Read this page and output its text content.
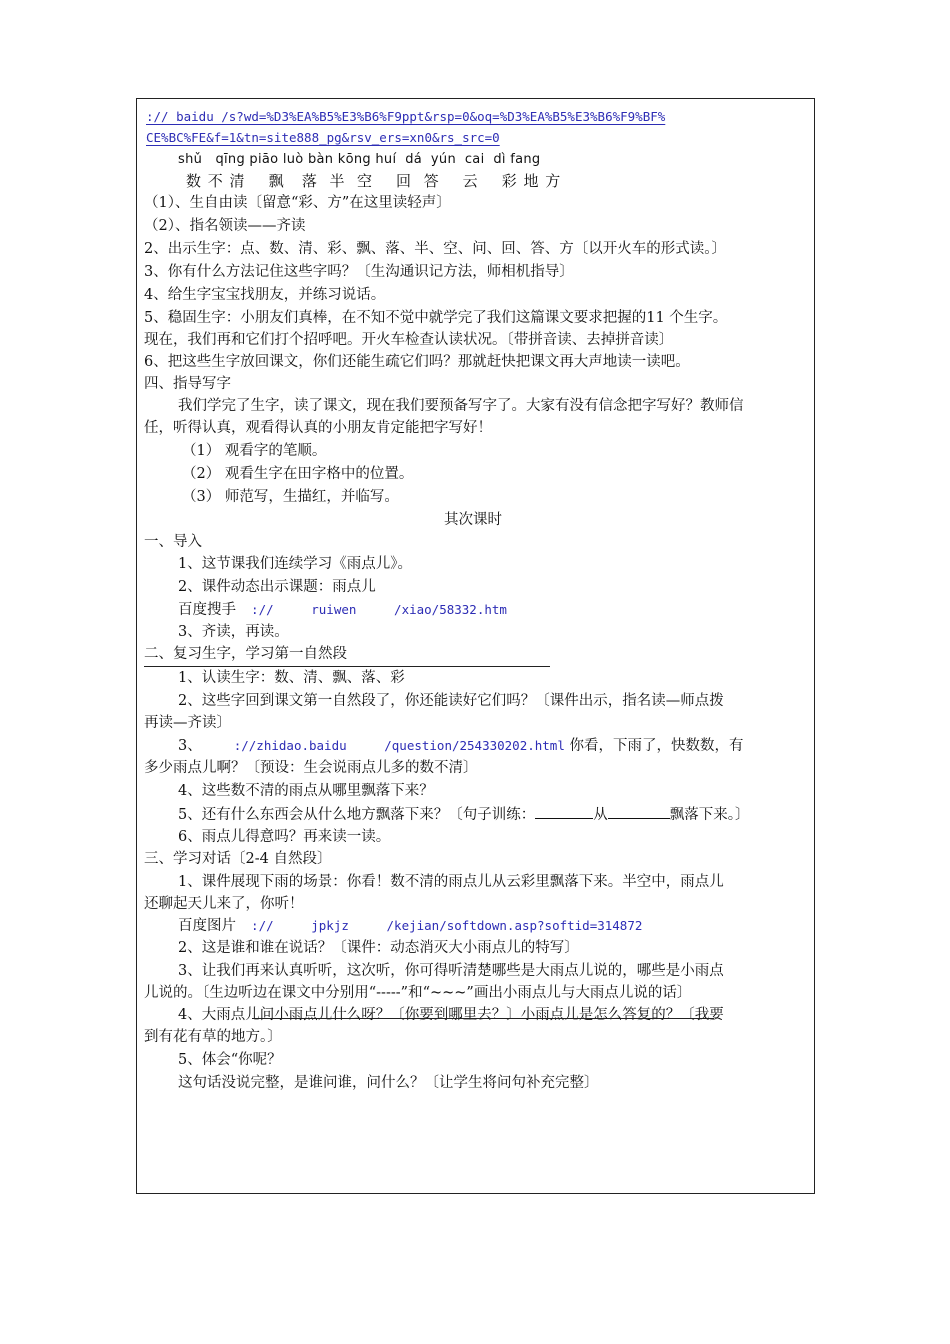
:// baidu /s?wd=%D3%EA%B5%E3%B6%F9ppt&rsp=0&oq=%D3%EA%B5%E3%B6%F9%BF%
CE%BC%FE&f=1&tn=site888_pg&rsv_ers=xn0&rs_src=0
shǔ   qīng piāo luò bàn kōng huí  dá  yún  cai  dì fang
数 不 清    飘   落  半  空    回  答    云    彩 地 方
（1）、生自由读〔留意“彩、方”在这里读轻声〕
（2）、指名领读——齐读
2、出示生字：点、数、清、彩、飘、落、半、空、问、回、答、方〔以开火车的形式读。〕
3、你有什么方法记住这些字吗？〔生沟通识记方法，师相机指导〕
4、给生字宝宝找朋友，并练习说话。
5、稳固生字：小朋友们真棒，在不知不觉中就学完了我们这篇课文要求把握的11 个生字。
现在，我们再和它们打个招呼吧。开火车检查认读状况。〔带拼音读、去掉拼音读〕
6、把这些生字放回课文，你们还能生疏它们吗？那就赶快把课文再大声地读一读吧。
四、指导写字
我们学完了生字，读了课文，现在我们要预备写字了。大家有没有信念把字写好？教师信
任，听得认真，观看得认真的小朋友肯定能把字写好！
（1） 观看字的笔顺。
（2） 观看生字在田字格中的位置。
（3） 师范写，生描红，并临写。
其次课时
一、导入
1、这节课我们连续学习《雨点儿》。
2、课件动态出示课题：雨点儿
百度搜手  ://     ruiwen     /xiao/58332.htm
3、齐读，再读。
二、复习生字，学习第一自然段
1、认读生字：数、清、飘、落、彩
2、这些字回到课文第一自然段了，你还能读好它们吗？〔课件出示，指名读—师点拨
再读—齐读〕
3、	://zhidao.baidu     /question/254330202.html 你看，下雨了，快数数，有
多少雨点儿啊？〔预设：生会说雨点儿多的数不清〕
4、这些数不清的雨点从哪里飘落下来？
5、还有什么东西会从什么地方飘落下来？〔句子训练：	从	飘落下来。〕
6、雨点儿得意吗？再来读一读。
三、学习对话〔2-4 自然段〕
1、课件展现下雨的场景：你看！数不清的雨点儿从云彩里飘落下来。半空中，雨点儿
还聊起天儿来了，你听！
百度图片  ://     jpkjz     /kejian/softdown.asp?softid=314872
2、这是谁和谁在说话？〔课件：动态消灭大小雨点儿的特写〕
3、让我们再来认真听听，这次听，你可得听清楚哪些是大雨点儿说的，哪些是小雨点
儿说的。〔生边听边在课文中分别用“-----”和“~~~”画出小雨点儿与大雨点儿说的话〕
4、大雨点儿问小雨点儿什么呀？〔你要到哪里去？〕小雨点儿是怎么答复的？〔我要
到有花有草的地方。〕
5、体会“你呢？
这句话没说完整，是谁问谁，问什么？〔让学生将问句补充完整〕
